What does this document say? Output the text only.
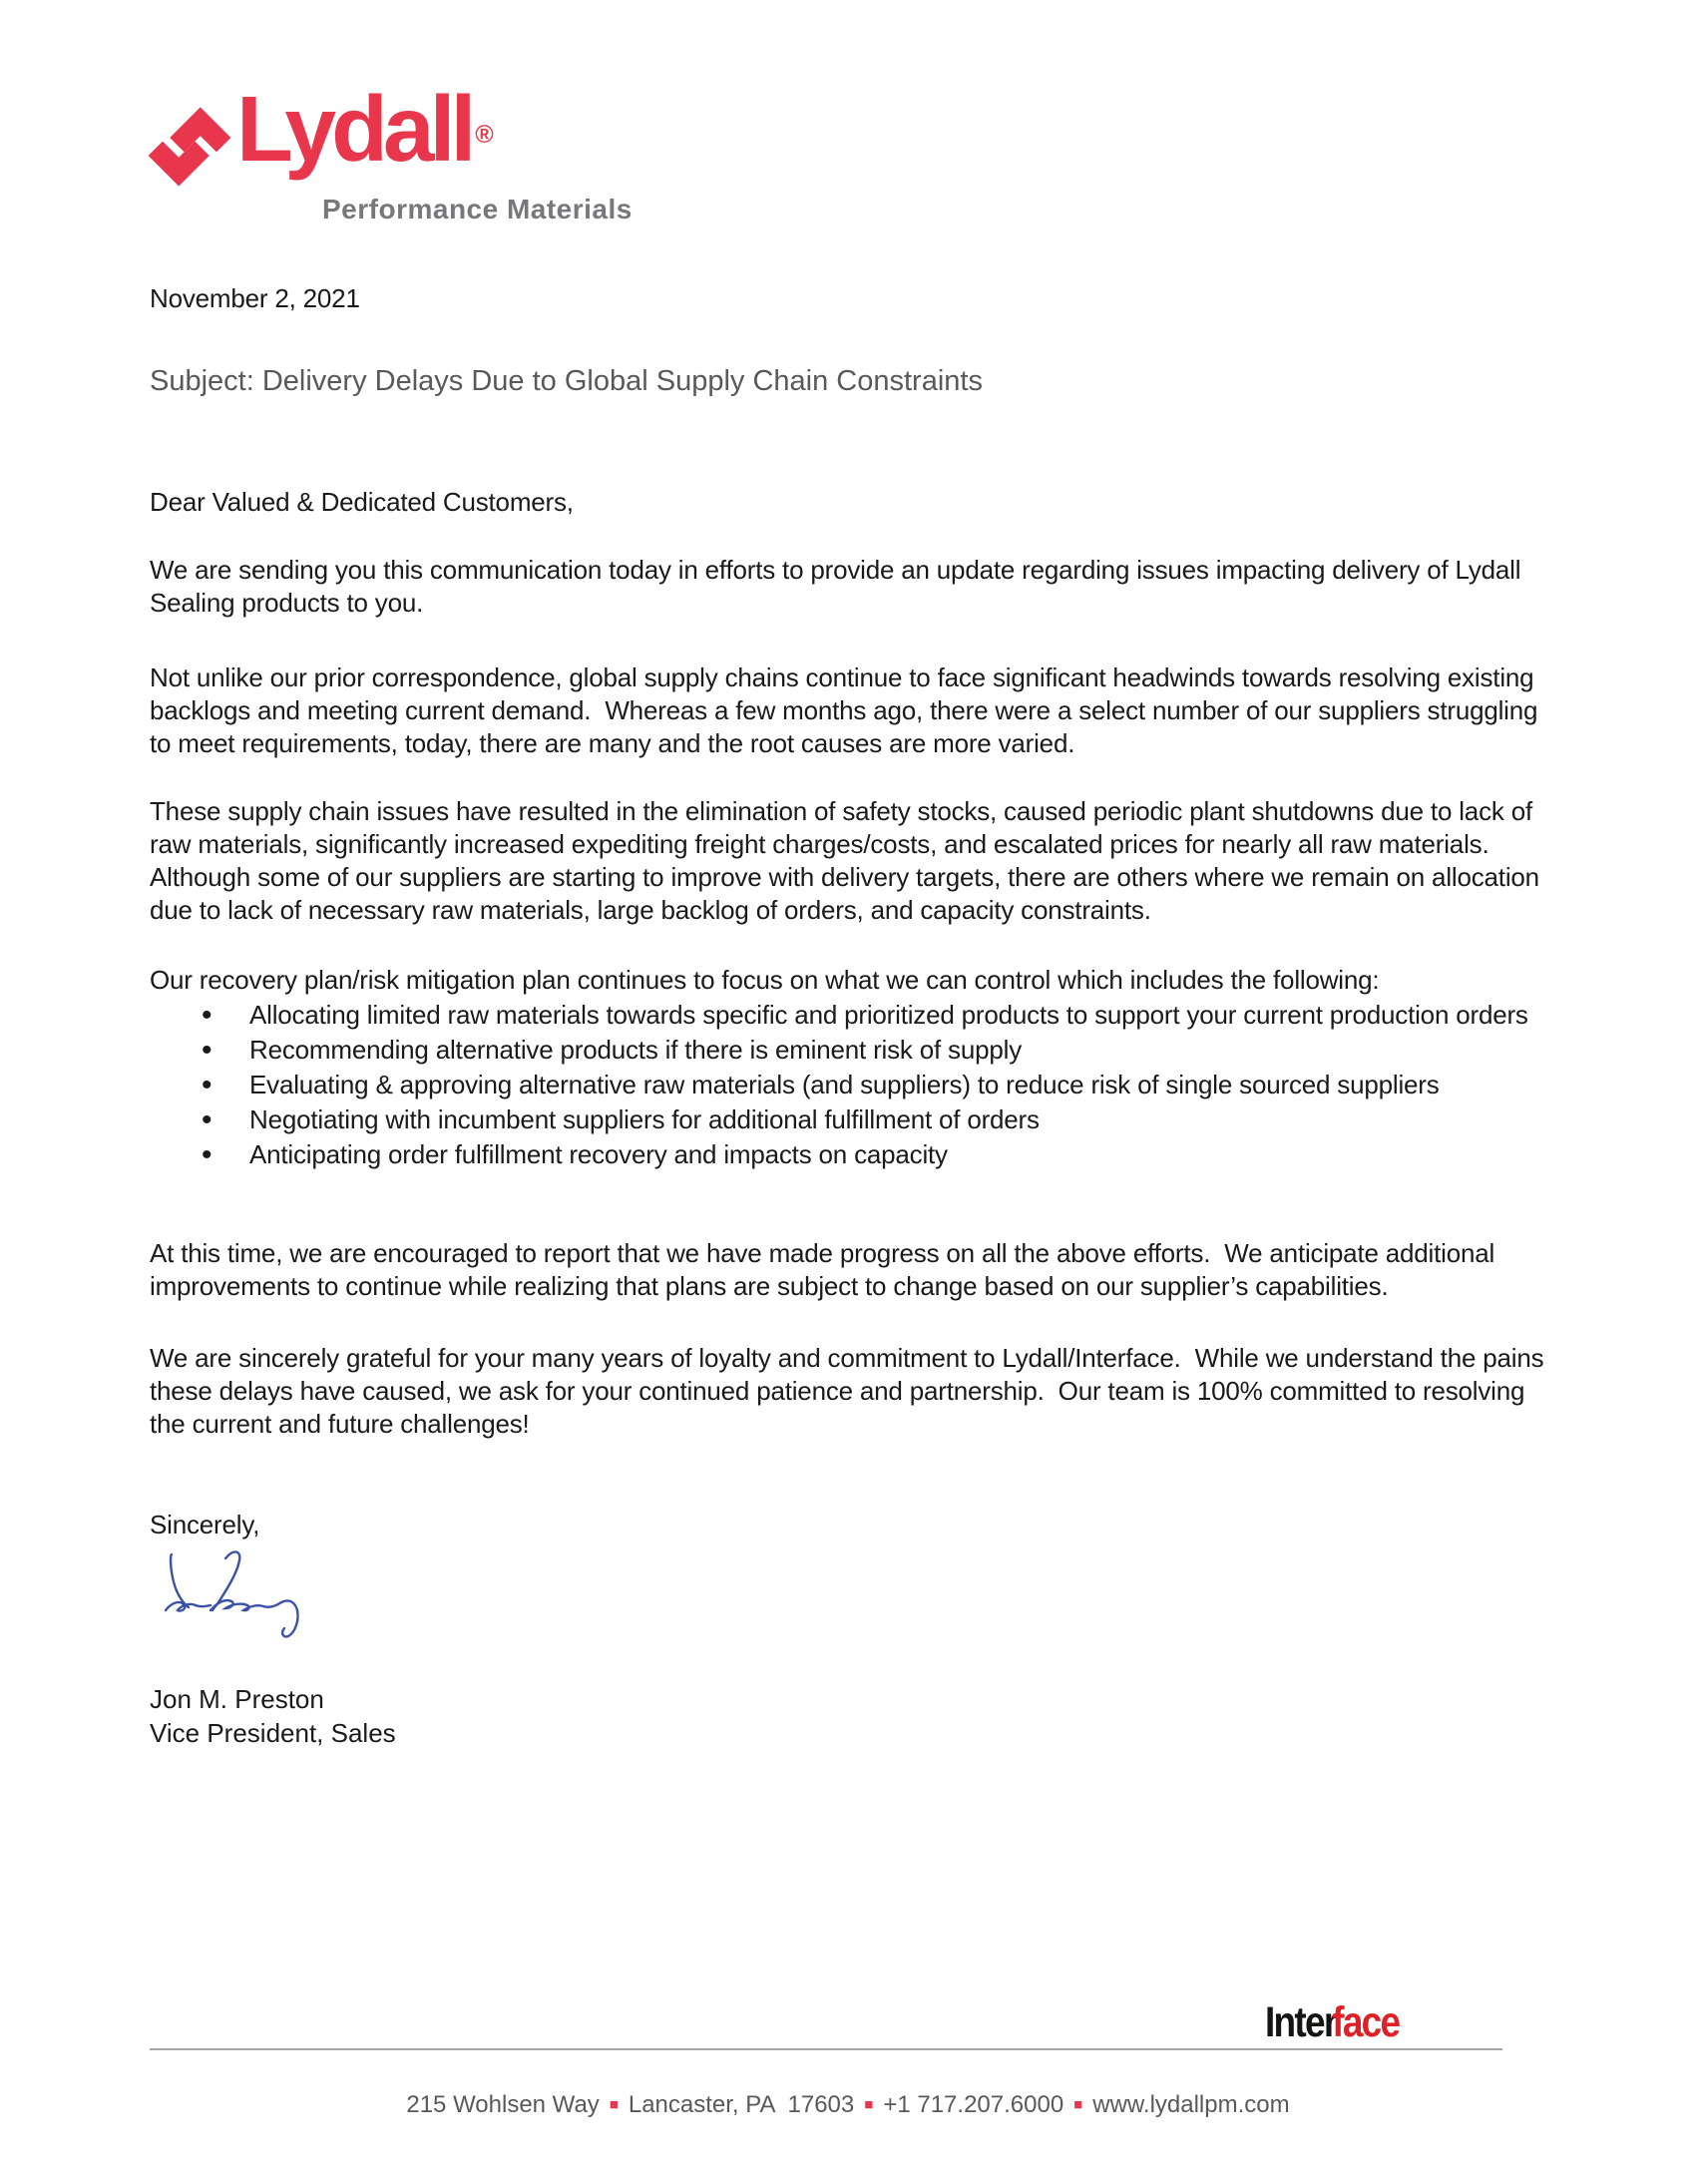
Lydall ®
Performance Materials
November 2, 2021
Subject: Delivery Delays Due to Global Supply Chain Constraints
Dear Valued & Dedicated Customers,
We are sending you this communication today in efforts to provide an update regarding issues impacting delivery of Lydall Sealing products to you.
Not unlike our prior correspondence, global supply chains continue to face significant headwinds towards resolving existing backlogs and meeting current demand.  Whereas a few months ago, there were a select number of our suppliers struggling to meet requirements, today, there are many and the root causes are more varied.
These supply chain issues have resulted in the elimination of safety stocks, caused periodic plant shutdowns due to lack of raw materials, significantly increased expediting freight charges/costs, and escalated prices for nearly all raw materials.  Although some of our suppliers are starting to improve with delivery targets, there are others where we remain on allocation due to lack of necessary raw materials, large backlog of orders, and capacity constraints.
Our recovery plan/risk mitigation plan continues to focus on what we can control which includes the following:
• Allocating limited raw materials towards specific and prioritized products to support your current production orders
• Recommending alternative products if there is eminent risk of supply
• Evaluating & approving alternative raw materials (and suppliers) to reduce risk of single sourced suppliers
• Negotiating with incumbent suppliers for additional fulfillment of orders
• Anticipating order fulfillment recovery and impacts on capacity
At this time, we are encouraged to report that we have made progress on all the above efforts.  We anticipate additional improvements to continue while realizing that plans are subject to change based on our supplier’s capabilities.
We are sincerely grateful for your many years of loyalty and commitment to Lydall/Interface.  While we understand the pains these delays have caused, we ask for your continued patience and partnership.  Our team is 100% committed to resolving the current and future challenges!
Sincerely,
Jon M. Preston
Vice President, Sales
Interface
215 Wohlsen Way ■ Lancaster, PA  17603 ■ +1 717.207.6000 ■ www.lydallpm.com
